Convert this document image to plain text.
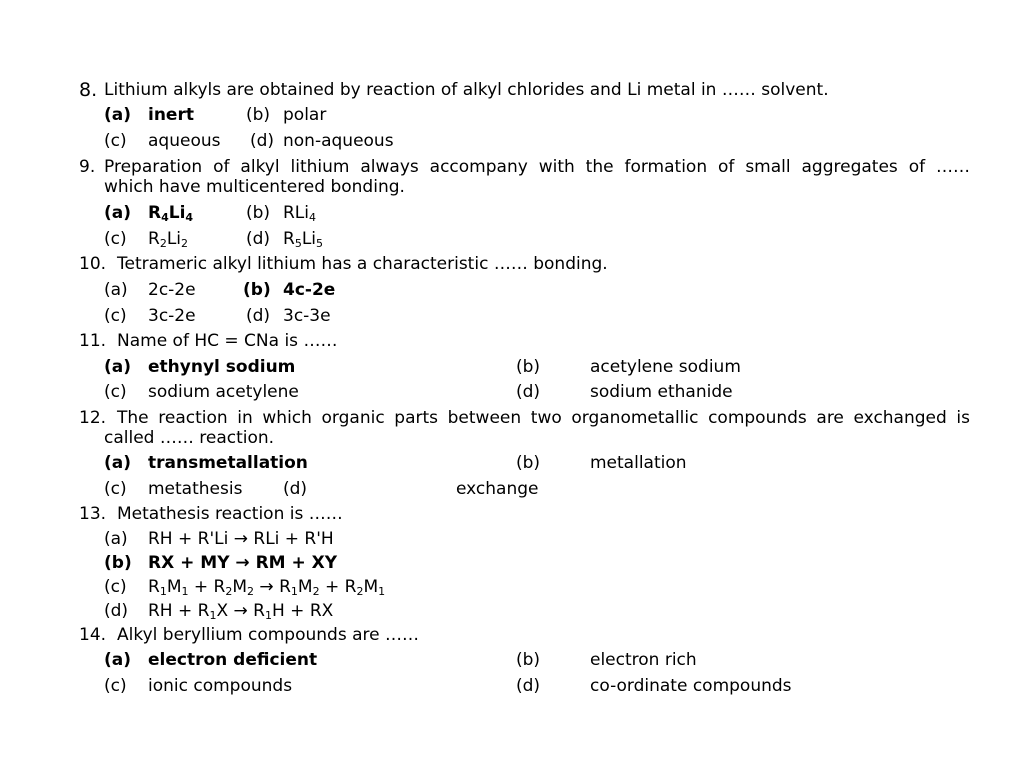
8. Lithium alkyls are obtained by reaction of alkyl chlorides and Li metal in …… solvent.
(a) inert	(b) polar
(c) aqueous (d) non-aqueous
9. Preparation of alkyl lithium always accompany with the formation of small aggregates of ……
which have multicentered bonding.
(a) $R_4Li_4$	(b) RLi$_4$
(c) $R_2Li_2$	(d) $R_5Li_5$
10. Tetrameric alkyl lithium has a characteristic …… bonding.
(a) 2c-2e	(b) 4c-2e
(c) 3c-2e	(d) 3c-3e
11. Name of HC = CNa is ……
(a) ethynyl sodium	(b)	acetylene sodium
(c) sodium acetylene	(d)	sodium ethanide
12. The reaction in which organic parts between two organometallic compounds are exchanged is
called …… reaction.
(a) transmetallation	(b)	metallation
(c) metathesis (d)	exchange
13. Metathesis reaction is ……
(a) RH + R'Li → RLi + R'H
(b) RX + MY → RM + XY
(c) $R_1M_1 + R_2M_2 \to R_1M_2 + R_2M_1$
(d) RH + $R_1X \to R_1H$ + RX
14. Alkyl beryllium compounds are ……
(a) electron deficient	(b)	electron rich
(c) ionic compounds	(d)	co-ordinate compounds
